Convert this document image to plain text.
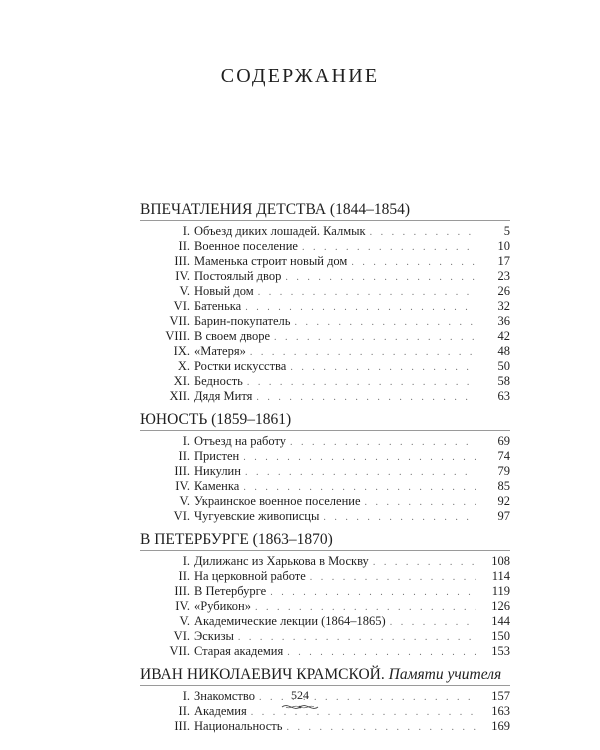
СОДЕРЖАНИЕ
ВПЕЧАТЛЕНИЯ ДЕТСТВА (1844–1854)
I. Объезд диких лошадей. Калмык . . .	5
II. Военное поселение . . .	10
III. Маменька строит новый дом . . .	17
IV. Постоялый двор . . .	23
V. Новый дом . . .	26
VI. Батенька . . .	32
VII. Барин-покупатель . . .	36
VIII. В своем дворе . . .	42
IX. «Матеря» . . .	48
X. Ростки искусства . . .	50
XI. Бедность . . .	58
XII. Дядя Митя . . .	63
ЮНОСТЬ (1859–1861)
I. Отъезд на работу . . .	69
II. Пристен . . .	74
III. Никулин . . .	79
IV. Каменка . . .	85
V. Украинское военное поселение . . .	92
VI. Чугуевские живописцы . . .	97
В ПЕТЕРБУРГЕ (1863–1870)
I. Дилижанс из Харькова в Москву . . .	108
II. На церковной работе . . .	114
III. В Петербурге . . .	119
IV. «Рубикон» . . .	126
V. Академические лекции (1864–1865) . . .	144
VI. Эскизы . . .	150
VII. Старая академия . . .	153
ИВАН НИКОЛАЕВИЧ КРАМСКОЙ. Памяти учителя
I. Знакомство . . .	157
II. Академия . . .	163
III. Национальность . . .	169
524
